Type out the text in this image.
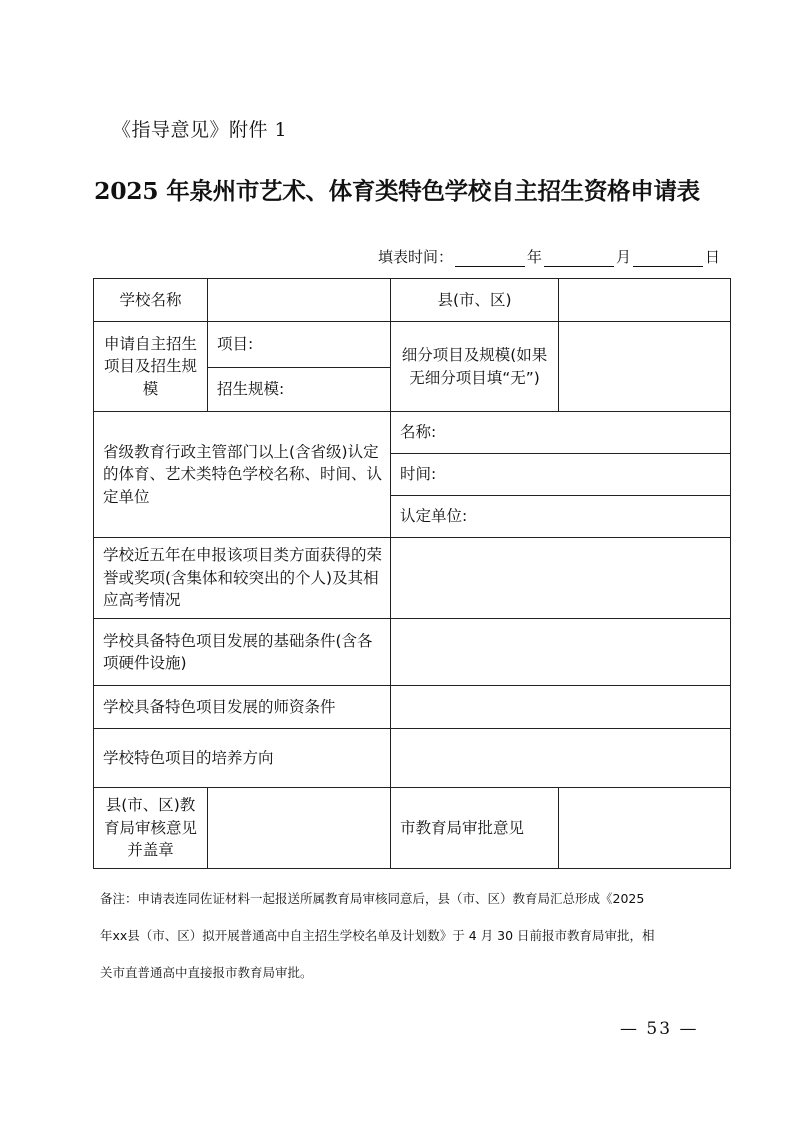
《指导意见》附件 1
2025 年泉州市艺术、体育类特色学校自主招生资格申请表
填表时间：	年	月	日
学校名称		县(市、区)	
申请自主招生项目及招生规模	项目:	细分项目及规模(如果无细分项目填“无”)	
	招生规模:		
省级教育行政主管部门以上(含省级)认定的体育、艺术类特色学校名称、时间、认定单位		名称:	
		时间:	
		认定单位:	
学校近五年在申报该项目类方面获得的荣誉或奖项(含集体和较突出的个人)及其相应高考情况			
学校具备特色项目发展的基础条件(含各项硬件设施)			
学校具备特色项目发展的师资条件			
学校特色项目的培养方向			
县(市、区)教育局审核意见并盖章		市教育局审批意见	
备注：申请表连同佐证材料一起报送所属教育局审核同意后，县（市、区）教育局汇总形成《2025
年xx县（市、区）拟开展普通高中自主招生学校名单及计划数》于 4 月 30 日前报市教育局审批，相
关市直普通高中直接报市教育局审批。
— 53 —
